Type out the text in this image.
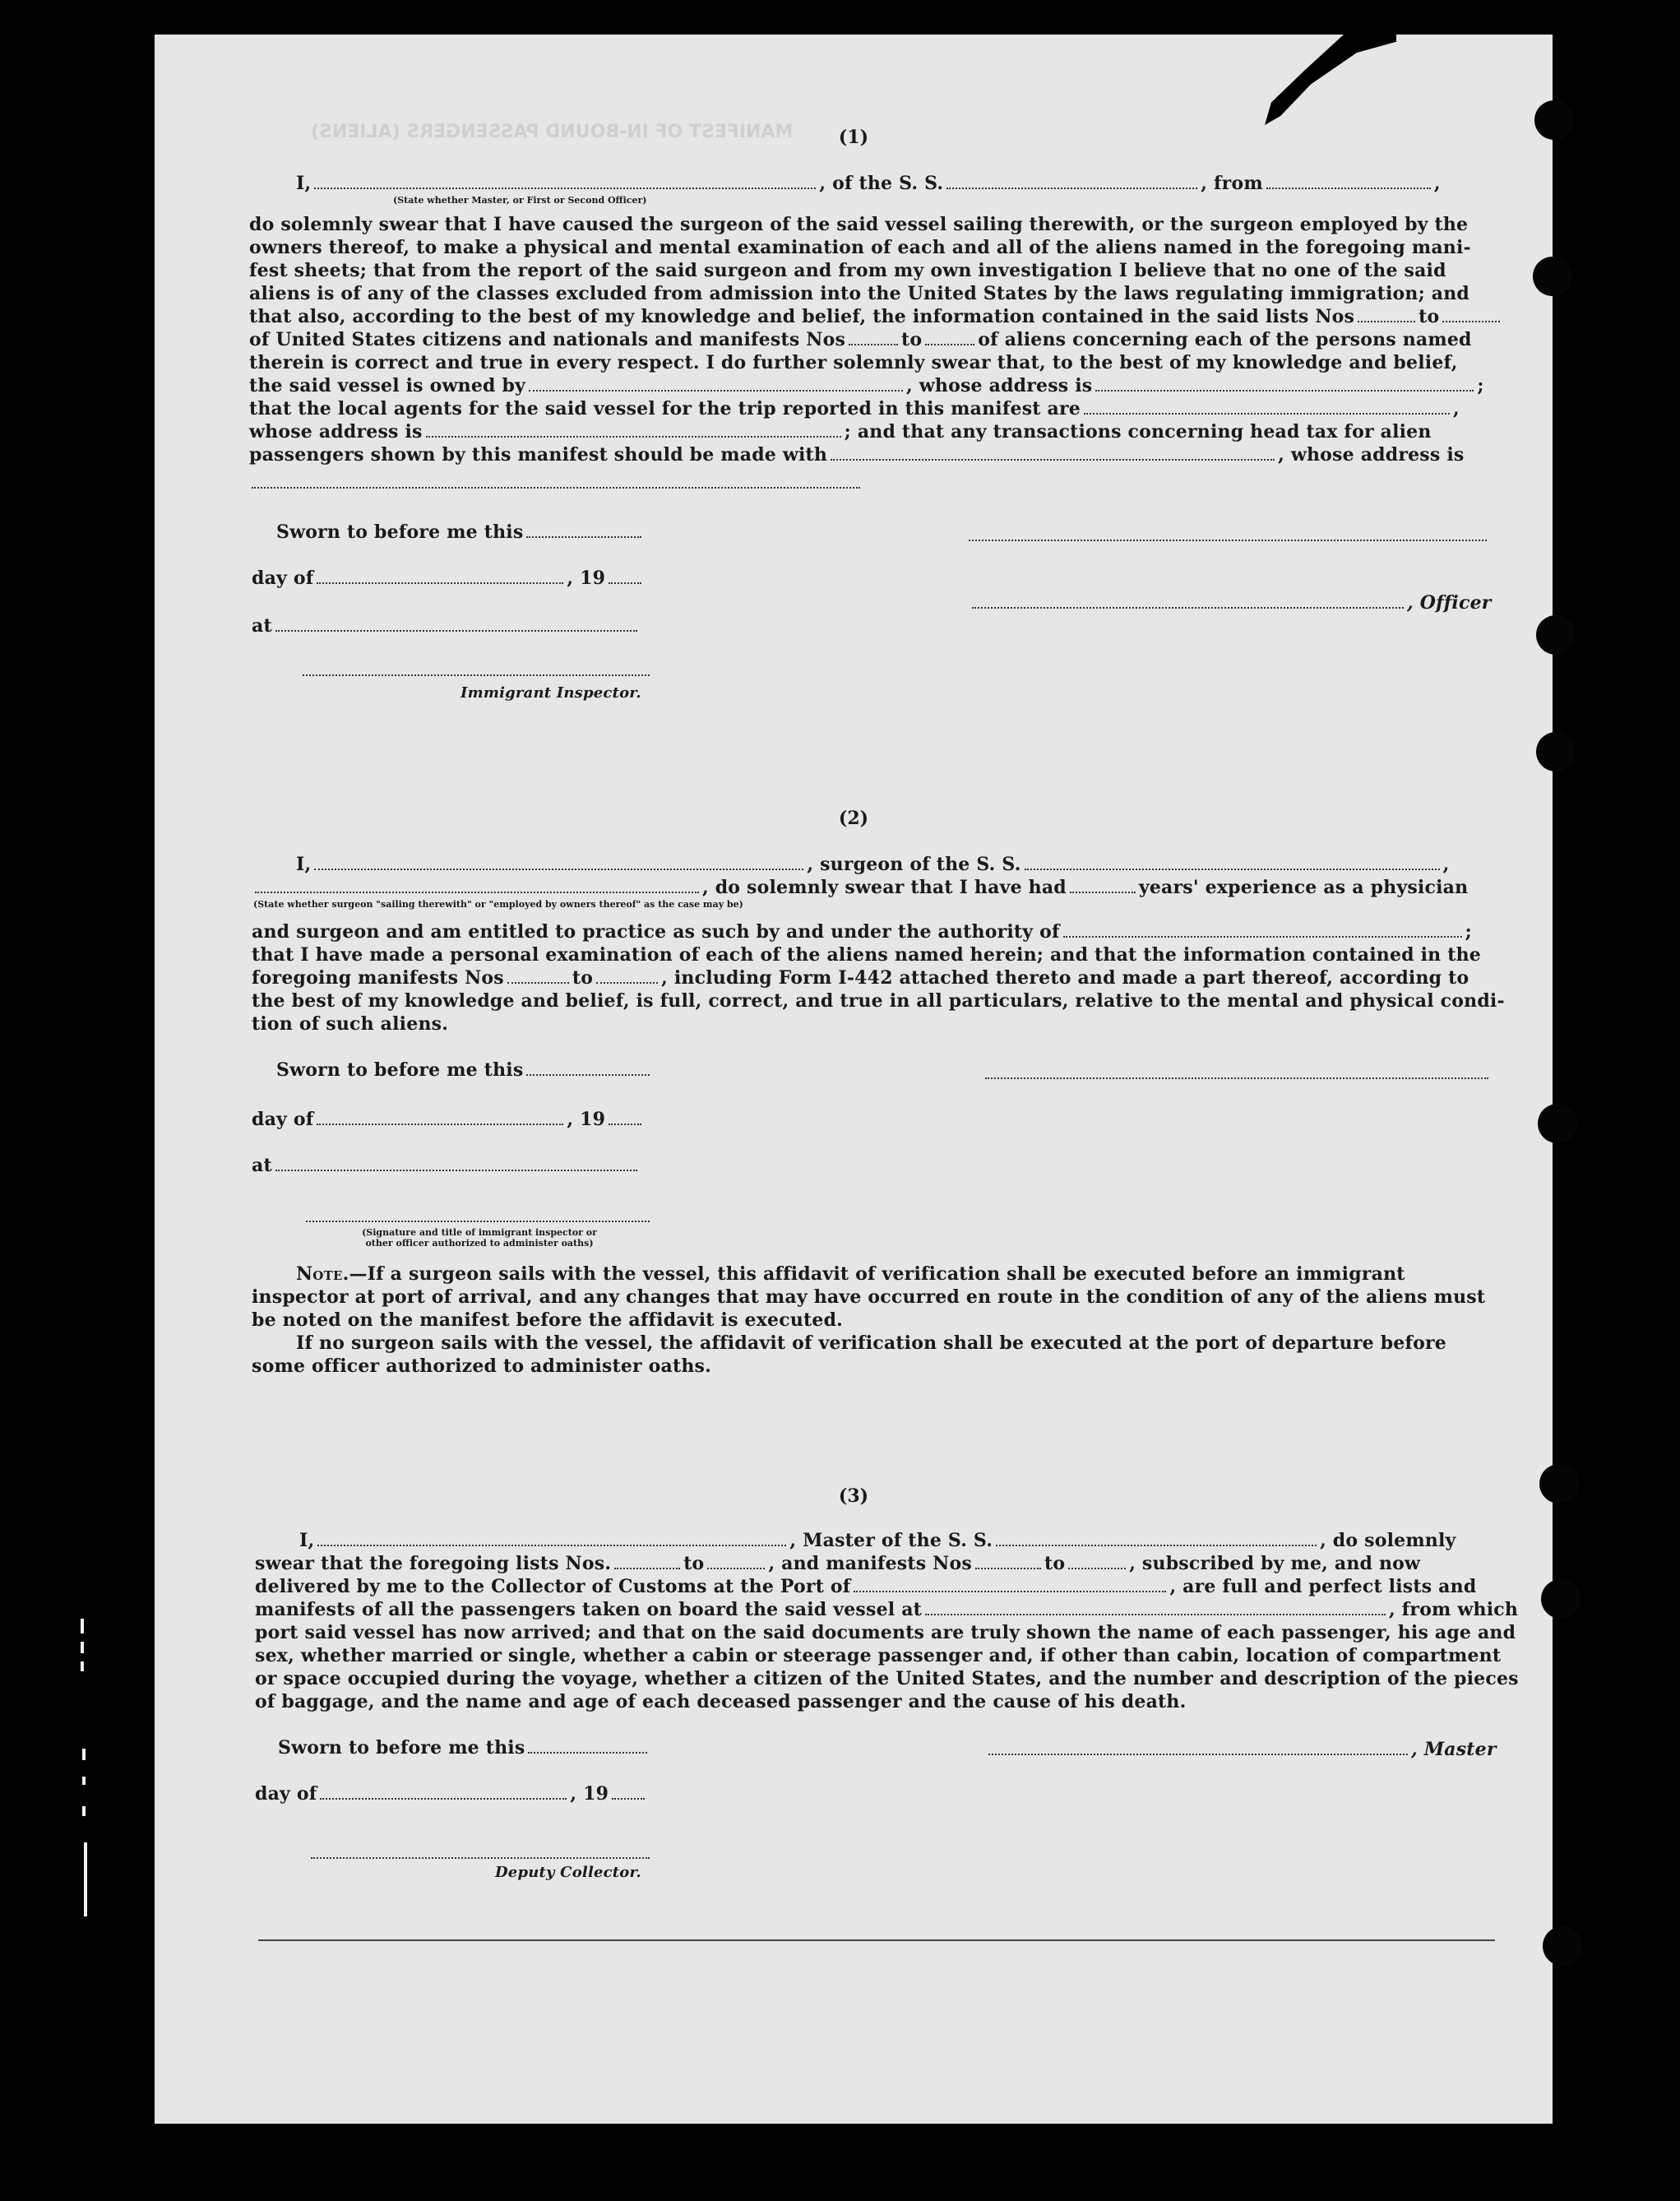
MANIFEST OF IN-BOUND PASSENGERS (ALIENS)	(1)
I,	, of the S. S.	, from	,
(State whether Master, or First or Second Officer)
do solemnly swear that I have caused the surgeon of the said vessel sailing therewith, or the surgeon employed by the
owners thereof, to make a physical and mental examination of each and all of the aliens named in the foregoing mani-
fest sheets; that from the report of the said surgeon and from my own investigation I believe that no one of the said
aliens is of any of the classes excluded from admission into the United States by the laws regulating immigration; and
that also, according to the best of my knowledge and belief, the information contained in the said lists Nos	to
of United States citizens and nationals and manifests Nos	to	of aliens concerning each of the persons named
therein is correct and true in every respect. I do further solemnly swear that, to the best of my knowledge and belief,
the said vessel is owned by	, whose address is	;
that the local agents for the said vessel for the trip reported in this manifest are	,
whose address is	; and that any transactions concerning head tax for alien
passengers shown by this manifest should be made with	, whose address is
Sworn to before me this
day of	, 19
, Officer
at
Immigrant Inspector.
(2)
I,	, surgeon of the S. S.	,
, do solemnly swear that I have had	years' experience as a physician
(State whether surgeon "sailing therewith" or "employed by owners thereof" as the case may be)
and surgeon and am entitled to practice as such by and under the authority of	;
that I have made a personal examination of each of the aliens named herein; and that the information contained in the
foregoing manifests Nos	to	, including Form I-442 attached thereto and made a part thereof, according to
the best of my knowledge and belief, is full, correct, and true in all particulars, relative to the mental and physical condi-
tion of such aliens.
Sworn to before me this
day of	, 19
at
(Signature and title of immigrant inspector or
other officer authorized to administer oaths)
Note.—If a surgeon sails with the vessel, this affidavit of verification shall be executed before an immigrant
inspector at port of arrival, and any changes that may have occurred en route in the condition of any of the aliens must
be noted on the manifest before the affidavit is executed.
If no surgeon sails with the vessel, the affidavit of verification shall be executed at the port of departure before
some officer authorized to administer oaths.
(3)
I,	, Master of the S. S.	, do solemnly
swear that the foregoing lists Nos.	to	, and manifests Nos	to	, subscribed by me, and now
delivered by me to the Collector of Customs at the Port of	, are full and perfect lists and
manifests of all the passengers taken on board the said vessel at	, from which
port said vessel has now arrived; and that on the said documents are truly shown the name of each passenger, his age and
sex, whether married or single, whether a cabin or steerage passenger and, if other than cabin, location of compartment
or space occupied during the voyage, whether a citizen of the United States, and the number and description of the pieces
of baggage, and the name and age of each deceased passenger and the cause of his death.
Sworn to before me this	, Master
day of	, 19
Deputy Collector.
